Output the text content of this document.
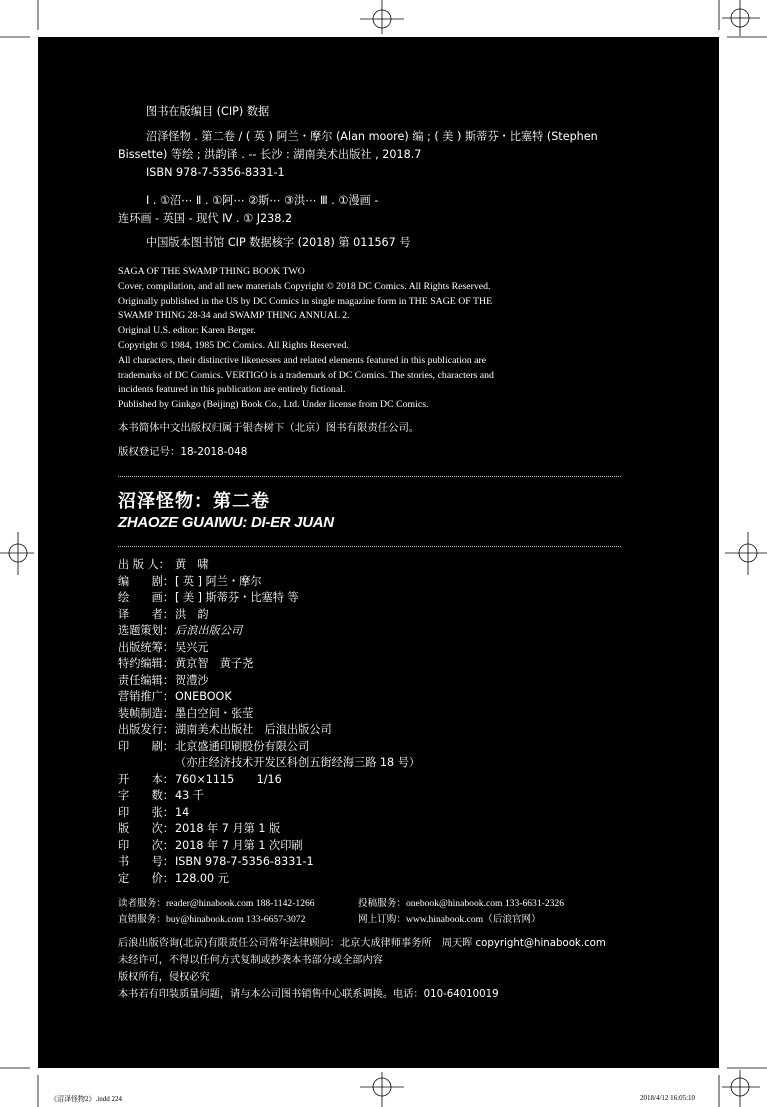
图书在版编目 (CIP) 数据
沼泽怪物 . 第二卷 / ( 英 ) 阿兰・摩尔 (Alan moore) 编 ; ( 美 ) 斯蒂芬・比塞特 (Stephen
Bissette) 等绘 ; 洪韵译 . -- 长沙 : 湖南美术出版社 , 2018.7
ISBN 978-7-5356-8331-1
Ⅰ . ①沼⋯ Ⅱ . ①阿⋯ ②斯⋯ ③洪⋯ Ⅲ . ①漫画 -
连环画 - 英国 - 现代 Ⅳ . ① J238.2
中国版本图书馆 CIP 数据核字 (2018) 第 011567 号
SAGA OF THE SWAMP THING BOOK TWO
Cover, compilation, and all new materials Copyright © 2018 DC Comics. All Rights Reserved.
Originally published in the US by DC Comics in single magazine form in THE SAGE OF THE
SWAMP THING 28-34 and SWAMP THING ANNUAL 2.
Original U.S. editor: Karen Berger.
Copyright © 1984, 1985 DC Comics. All Rights Reserved.
All characters, their distinctive likenesses and related elements featured in this publication are
trademarks of DC Comics. VERTIGO is a trademark of DC Comics. The stories, characters and
incidents featured in this publication are entirely fictional.
Published by Ginkgo (Beijing) Book Co., Ltd. Under license from DC Comics.
本书简体中文出版权归属于银杏树下（北京）图书有限责任公司。
版权登记号：18-2018-048
沼泽怪物：第二卷
ZHAOZE GUAIWU: DI-ER JUAN
出 版 人： 黄　啸
编　　剧： [ 英 ] 阿兰・摩尔
绘　　画： [ 美 ] 斯蒂芬・比塞特 等
译　　者： 洪　韵
选题策划： 后浪出版公司
出版统筹： 吴兴元
特约编辑： 黄京智　黄子尧
责任编辑： 贺澧沙
营销推广： ONEBOOK
装帧制造： 墨白空间・张莹
出版发行： 湖南美术出版社　后浪出版公司
印　　刷： 北京盛通印刷股份有限公司
（亦庄经济技术开发区科创五街经海三路 18 号）
开　　本： 760×1115　　1/16
字　　数： 43 千
印　　张： 14
版　　次： 2018 年 7 月第 1 版
印　　次： 2018 年 7 月第 1 次印刷
书　　号： ISBN 978-7-5356-8331-1
定　　价： 128.00 元
读者服务：reader@hinabook.com 188-1142-1266	投稿服务：onebook@hinabook.com 133-6631-2326
直销服务：buy@hinabook.com 133-6657-3072	网上订购：www.hinabook.com（后浪官网）
后浪出版咨询(北京)有限责任公司常年法律顾问：北京大成律师事务所　周天晖 copyright@hinabook.com
未经许可，不得以任何方式复制或抄袭本书部分或全部内容
版权所有，侵权必究
本书若有印装质量问题，请与本公司图书销售中心联系调换。电话：010-64010019
《沼泽怪物2》.indd 224	2018/4/12 16:05:10
